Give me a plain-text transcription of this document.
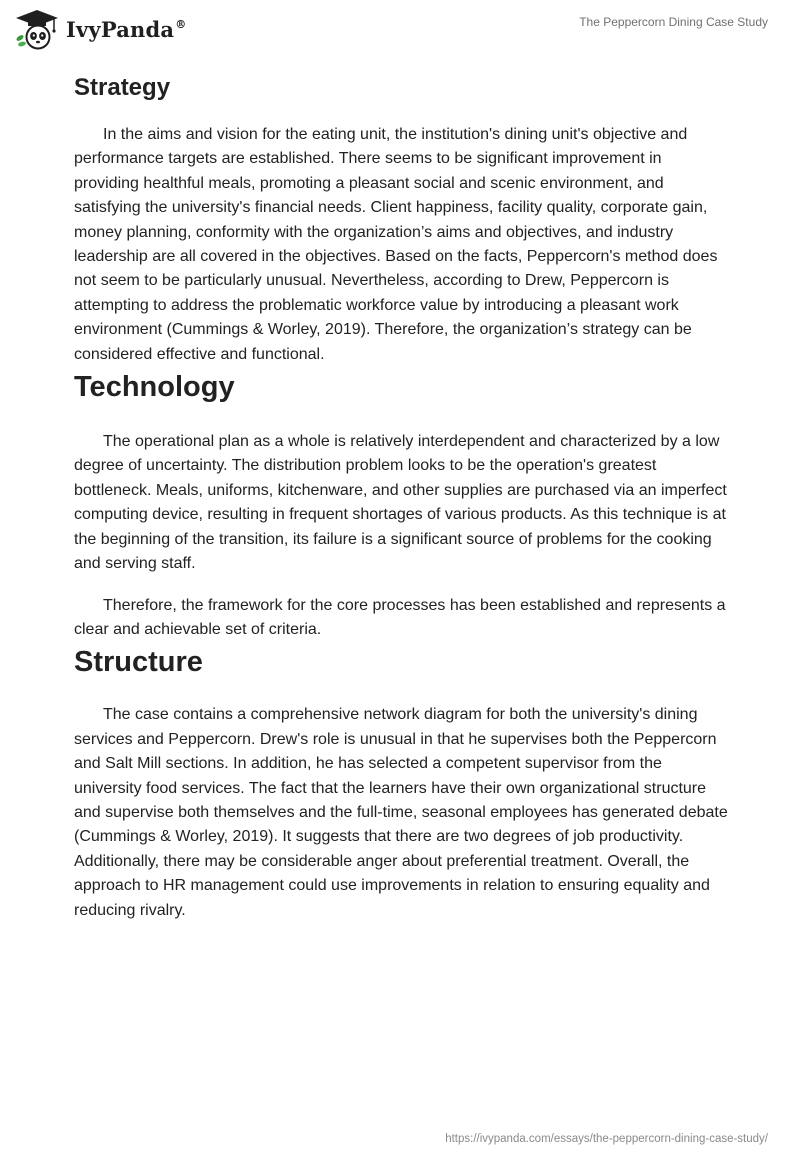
IvyPanda®	The Peppercorn Dining Case Study
Strategy

In the aims and vision for the eating unit, the institution's dining unit's objective and performance targets are established. There seems to be significant improvement in providing healthful meals, promoting a pleasant social and scenic environment, and satisfying the university's financial needs. Client happiness, facility quality, corporate gain, money planning, conformity with the organization’s aims and objectives, and industry leadership are all covered in the objectives. Based on the facts, Peppercorn's method does not seem to be particularly unusual. Nevertheless, according to Drew, Peppercorn is attempting to address the problematic workforce value by introducing a pleasant work environment (Cummings & Worley, 2019). Therefore, the organization’s strategy can be considered effective and functional.

Technology

The operational plan as a whole is relatively interdependent and characterized by a low degree of uncertainty. The distribution problem looks to be the operation's greatest bottleneck. Meals, uniforms, kitchenware, and other supplies are purchased via an imperfect computing device, resulting in frequent shortages of various products. As this technique is at the beginning of the transition, its failure is a significant source of problems for the cooking and serving staff.

Therefore, the framework for the core processes has been established and represents a clear and achievable set of criteria.

Structure

The case contains a comprehensive network diagram for both the university's dining services and Peppercorn. Drew's role is unusual in that he supervises both the Peppercorn and Salt Mill sections. In addition, he has selected a competent supervisor from the university food services. The fact that the learners have their own organizational structure and supervise both themselves and the full-time, seasonal employees has generated debate (Cummings & Worley, 2019). It suggests that there are two degrees of job productivity. Additionally, there may be considerable anger about preferential treatment. Overall, the approach to HR management could use improvements in relation to ensuring equality and reducing rivalry.

https://ivypanda.com/essays/the-peppercorn-dining-case-study/
